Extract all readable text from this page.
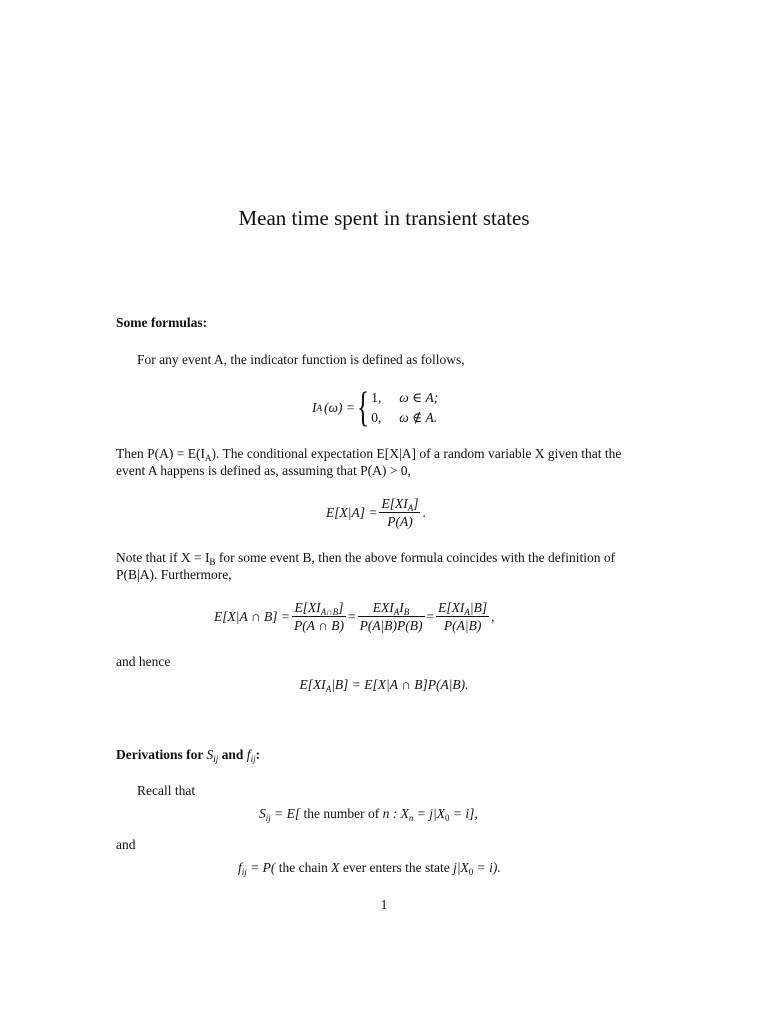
Mean time spent in transient states
Some formulas:
For any event A, the indicator function is defined as follows,
I A (ω) = { 1, ω ∈ A;
0, ω ∉ A.
Then $P(A) = E(I_A)$. The conditional expectation E[X|A] of a random variable X given that the
event A happens is defined as, assuming that P(A) > 0,
$E[X|A] = \frac{E[XI_A]}{P(A)}$ .
Note that if $X = I_B$ for some event B, then the above formula coincides with the definition of
P(B|A). Furthermore,
E[X|A ∩ $B] = \frac{E[XI_{A\cap B}]}{P(A \cap B)} = \frac{EXI_AI_B}{P(A|B)P(B)} = \frac{E[XI_A|B]}{P(A|B)}$ ,
and hence
$E[XI_A|B] = E[X|A$ ∩ B]P(A|B).
Derivations for $S_{ij}$ and $f_{ij}$:
Recall that
$S_{ij} = E$[ the number of n : $X_n = j|X_0 = i$],
and
$f_{ij} = P$( the chain X ever enters the state $j|X_0 = i$).
1
